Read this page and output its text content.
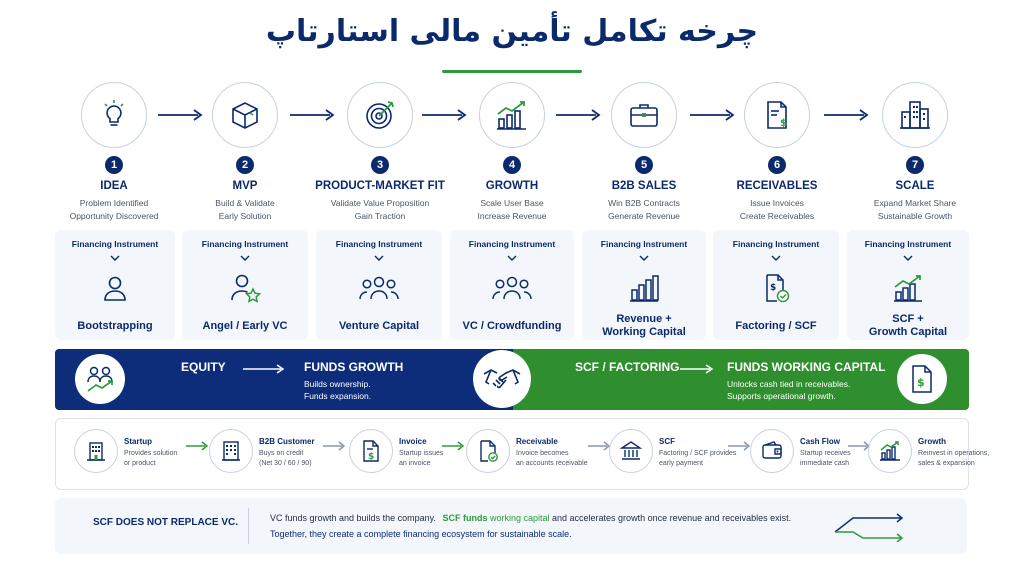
چرخه تکامل تأمین مالی استارتاپ
1
IDEA
Problem Identified
Opportunity Discovered
2
MVP
Build & Validate
Early Solution
3
PRODUCT-MARKET FIT
Validate Value Proposition
Gain Traction
4
GROWTH
Scale User Base
Increase Revenue
5
B2B SALES
Win B2B Contracts
Generate Revenue
$
6
RECEIVABLES
Issue Invoices
Create Receivables
7
SCALE
Expand Market Share
Sustainable Growth
Financing Instrument
Bootstrapping
Financing Instrument
Angel / Early VC
Financing Instrument
Venture Capital
Financing Instrument
VC / Crowdfunding
Financing Instrument
Revenue +
Working Capital
Financing Instrument
$
Factoring / SCF
Financing Instrument
SCF +
Growth Capital
EQUITY	FUNDS GROWTH
Builds ownership.
Funds expansion.
SCF / FACTORING	FUNDS WORKING CAPITAL
Unlocks cash tied in receivables.
Supports operational growth.
$
Startup
Provides solution
or product
B2B Customer
Buys on credit
(Net 30 / 60 / 90)
$
Invoice
Startup issues
an invoice
Receivable
Invoice becomes
an accounts receivable
SCF
Factoring / SCF provides
early payment
Cash Flow
Startup receives
immediate cash
Growth
Reinvest in operations,
sales & expansion
SCF DOES NOT REPLACE VC.	VC funds growth and builds the company. SCF funds working capital and accelerates growth once revenue and receivables exist.
Together, they create a complete financing ecosystem for sustainable scale.
